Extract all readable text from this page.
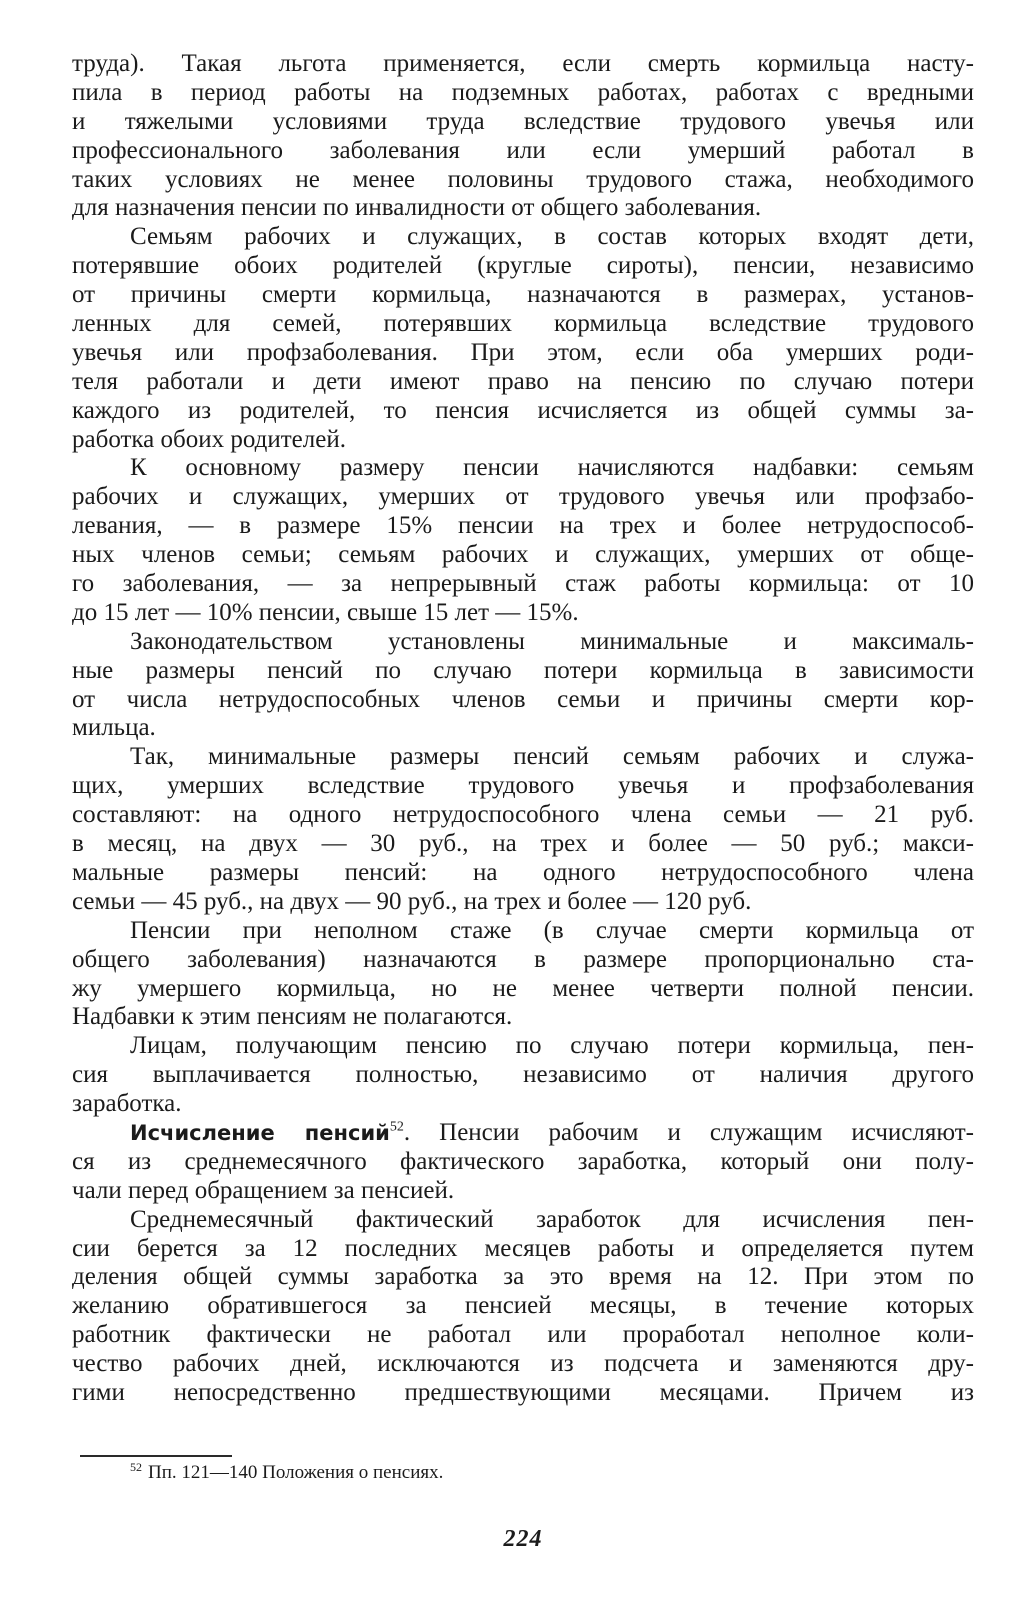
труда). Такая льгота применяется, если смерть кормильца насту-
пила в период работы на подземных работах, работах с вредными
и тяжелыми условиями труда вследствие трудового увечья или
профессионального заболевания или если умерший работал в
таких условиях не менее половины трудового стажа, необходимого
для назначения пенсии по инвалидности от общего заболевания.
Семьям рабочих и служащих, в состав которых входят дети,
потерявшие обоих родителей (круглые сироты), пенсии, независимо
от причины смерти кормильца, назначаются в размерах, установ-
ленных для семей, потерявших кормильца вследствие трудового
увечья или профзаболевания. При этом, если оба умерших роди-
теля работали и дети имеют право на пенсию по случаю потери
каждого из родителей, то пенсия исчисляется из общей суммы за-
работка обоих родителей.
К основному размеру пенсии начисляются надбавки: семьям
рабочих и служащих, умерших от трудового увечья или профзабо-
левания, — в размере 15% пенсии на трех и более нетрудоспособ-
ных членов семьи; семьям рабочих и служащих, умерших от обще-
го заболевания, — за непрерывный стаж работы кормильца: от 10
до 15 лет — 10% пенсии, свыше 15 лет — 15%.
Законодательством установлены минимальные и максималь-
ные размеры пенсий по случаю потери кормильца в зависимости
от числа нетрудоспособных членов семьи и причины смерти кор-
мильца.
Так, минимальные размеры пенсий семьям рабочих и служа-
щих, умерших вследствие трудового увечья и профзаболевания
составляют: на одного нетрудоспособного члена семьи — 21 руб.
в месяц, на двух — 30 руб., на трех и более — 50 руб.; макси-
мальные размеры пенсий: на одного нетрудоспособного члена
семьи — 45 руб., на двух — 90 руб., на трех и более — 120 руб.
Пенсии при неполном стаже (в случае смерти кормильца от
общего заболевания) назначаются в размере пропорционально ста-
жу умершего кормильца, но не менее четверти полной пенсии.
Надбавки к этим пенсиям не полагаются.
Лицам, получающим пенсию по случаю потери кормильца, пен-
сия выплачивается полностью, независимо от наличия другого
заработка.
Исчисление пенсий$^{52}$. Пенсии рабочим и служащим исчисляют-
ся из среднемесячного фактического заработка, который они полу-
чали перед обращением за пенсией.
Среднемесячный фактический заработок для исчисления пен-
сии берется за 12 последних месяцев работы и определяется путем
деления общей суммы заработка за это время на 12. При этом по
желанию обратившегося за пенсией месяцы, в течение которых
работник фактически не работал или проработал неполное коли-
чество рабочих дней, исключаются из подсчета и заменяются дру-
гими непосредственно предшествующими месяцами. Причем из
$^{52}$ Пп. 121—140 Положения о пенсиях.
224
